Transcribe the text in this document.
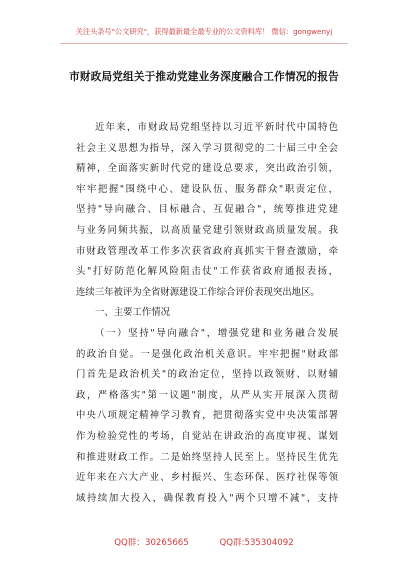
关注头条号"公文研究"，获得最新最全最专业的公文资料库！ 微信：gongwenyj
市财政局党组关于推动党建业务深度融合工作情况的报告
近年来，市财政局党组坚持以习近平新时代中国特色
社会主义思想为指导，深入学习贯彻党的二十届三中全会
精神，全面落实新时代党的建设总要求，突出政治引领，
牢牢把握"围绕中心、建设队伍、服务群众"职责定位，
坚持"导向融合、目标融合、互促融合"，统筹推进党建
与业务同频共振，以高质量党建引领财政高质量发展。我
市财政管理改革工作多次获省政府真抓实干督查激励，牵
头"打好防范化解风险阻击仗"工作获省政府通报表扬，
连续三年被评为全省财源建设工作综合评价表现突出地区。
一、主要工作情况
（一）坚持"导向融合"，增强党建和业务融合发展
的政治自觉。一是强化政治机关意识。牢牢把握"财政部
门首先是政治机关"的政治定位，坚持以政领财、以财辅
政，严格落实"第一议题"制度，从严从实开展深入贯彻
中央八项规定精神学习教育，把贯彻落实党中央决策部署
作为检验党性的考场，自觉站在讲政治的高度审视、谋划
和推进财政工作。二是始终坚持人民至上。坚持民生优先
近年来在六大产业、乡村振兴、生态环保、医疗社保等领
域持续加大投入，确保教育投入"两个只增不减"，支持
QQ群：30265665	QQ群:535304092
